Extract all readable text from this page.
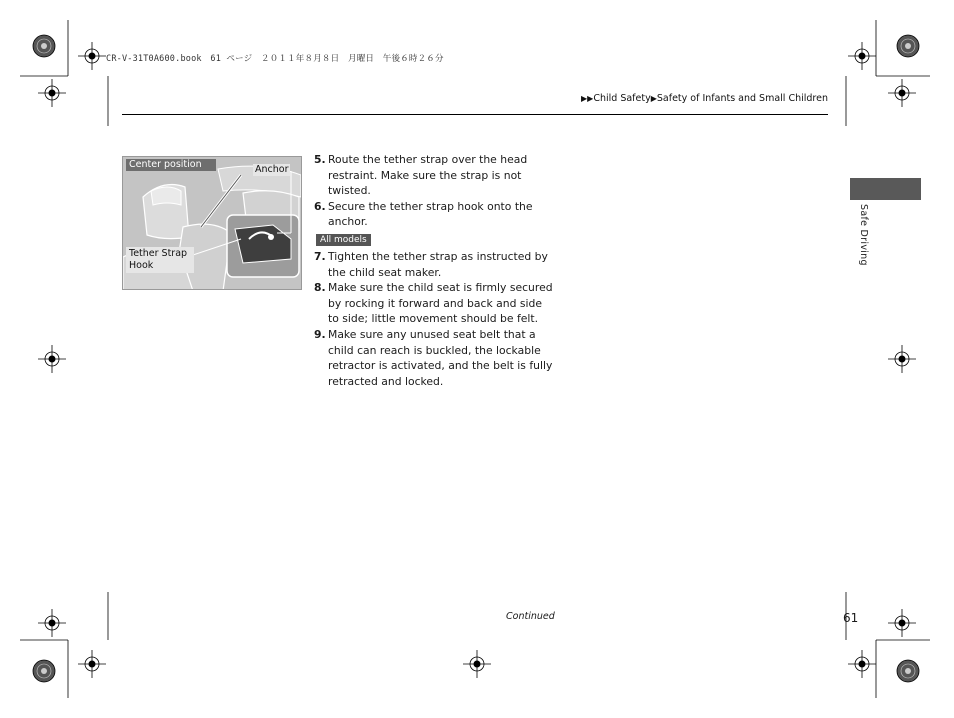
CR-V-31T0A600.book　61 ページ　２０１１年８月８日　月曜日　午後６時２６分
▶▶Child Safety▶Safety of Infants and Small Children
Center position	Anchor
Tether Strap Hook

5. Route the tether strap over the head restraint. Make sure the strap is not twisted.

6. Secure the tether strap hook onto the anchor.

All models

7. Tighten the tether strap as instructed by the child seat maker.

8. Make sure the child seat is firmly secured by rocking it forward and back and side to side; little movement should be felt.

9. Make sure any unused seat belt that a child can reach is buckled, the lockable retractor is activated, and the belt is fully retracted and locked.

Safe Driving
Continued	61
